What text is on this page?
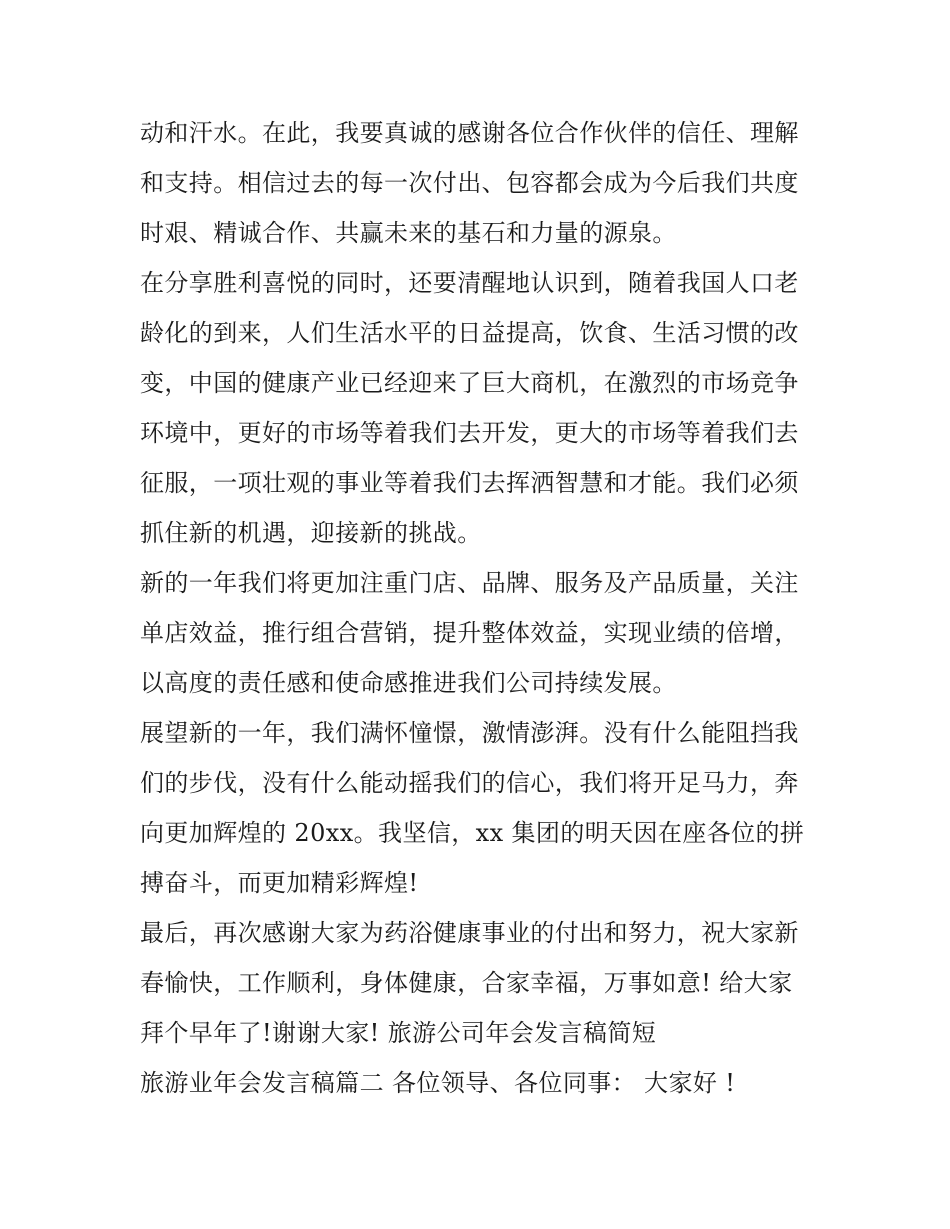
动和汗水。在此，我要真诚的感谢各位合作伙伴的信任、理解
和支持。相信过去的每一次付出、包容都会成为今后我们共度
时艰、精诚合作、共赢未来的基石和力量的源泉。
在分享胜利喜悦的同时，还要清醒地认识到，随着我国人口老
龄化的到来，人们生活水平的日益提高，饮食、生活习惯的改
变，中国的健康产业已经迎来了巨大商机，在激烈的市场竞争
环境中，更好的市场等着我们去开发，更大的市场等着我们去
征服，一项壮观的事业等着我们去挥洒智慧和才能。我们必须
抓住新的机遇，迎接新的挑战。
新的一年我们将更加注重门店、品牌、服务及产品质量，关注
单店效益，推行组合营销，提升整体效益，实现业绩的倍增，
以高度的责任感和使命感推进我们公司持续发展。
展望新的一年，我们满怀憧憬，激情澎湃。没有什么能阻挡我
们的步伐，没有什么能动摇我们的信心，我们将开足马力，奔
向更加辉煌的 20xx。我坚信，xx 集团的明天因在座各位的拼
搏奋斗，而更加精彩辉煌!
最后，再次感谢大家为药浴健康事业的付出和努力，祝大家新
春愉快，工作顺利，身体健康，合家幸福，万事如意! 给大家
拜个早年了!谢谢大家! 旅游公司年会发言稿简短
旅游业年会发言稿篇二 各位领导、各位同事： 大家好 !
